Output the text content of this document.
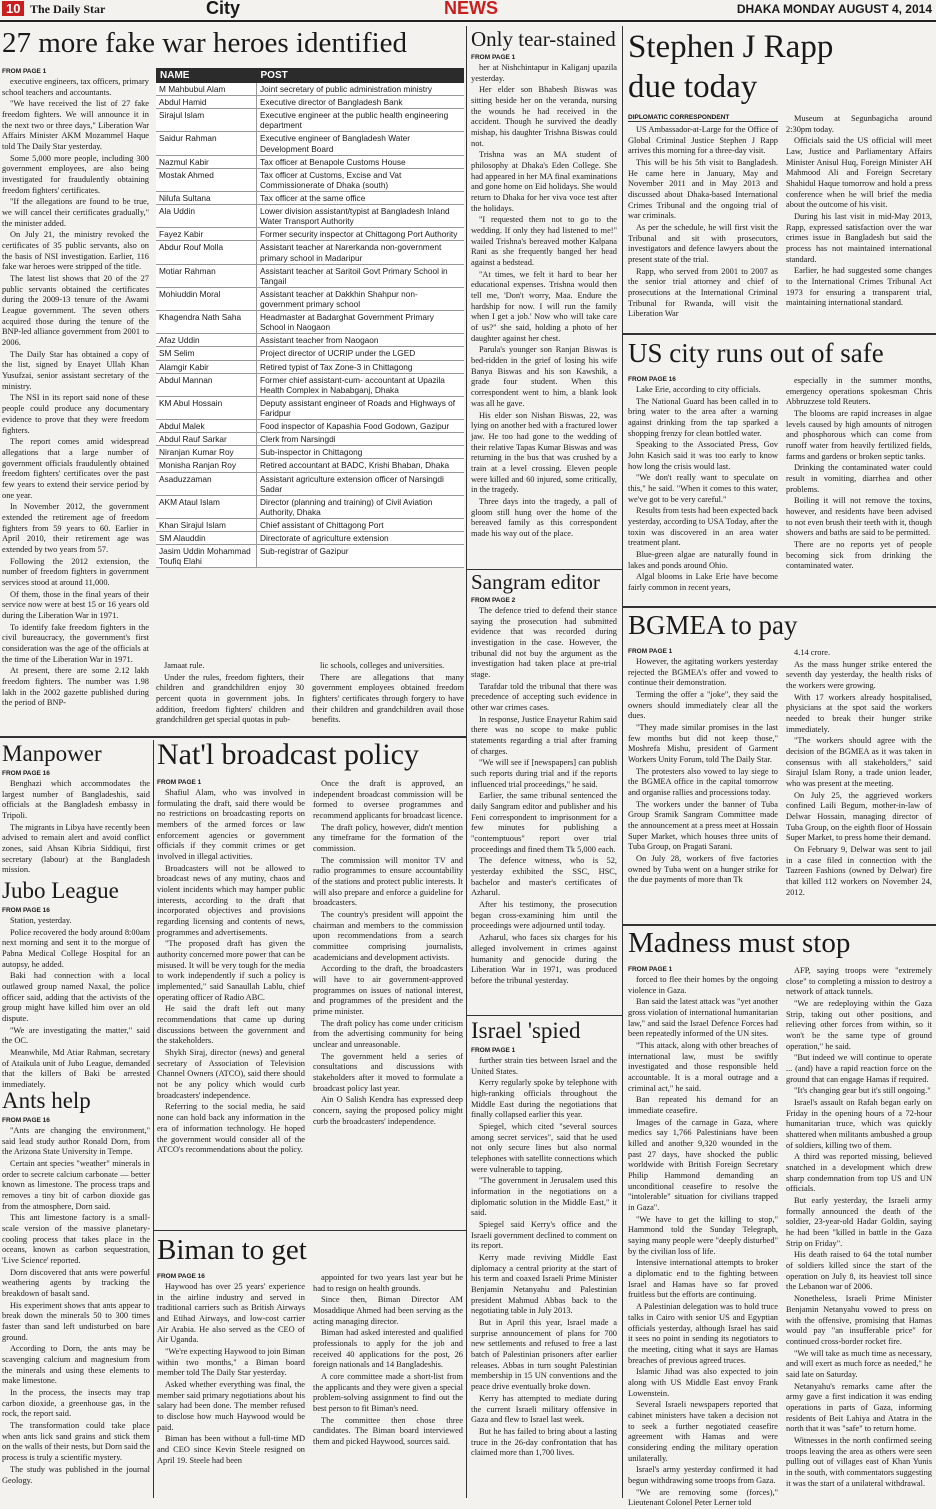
10 The Daily Star	City	NEWS	DHAKA MONDAY AUGUST 4, 2014
27 more fake war heroes identified
FROM PAGE 1

executive engineers, tax officers, primary school teachers and accountants.

"We have received the list of 27 fake freedom fighters. We will announce it in the next two or three days," Liberation War Affairs Minister AKM Mozammel Haque told The Daily Star yesterday.

Some 5,000 more people, including 300 government employees, are also being investigated for fraudulently obtaining freedom fighters' certificates.

"If the allegations are found to be true, we will cancel their certificates gradually," the minister added.

On July 21, the ministry revoked the certificates of 35 public servants, also on the basis of NSI investigation. Earlier, 116 fake war heroes were stripped of the title.

The latest list shows that 20 of the 27 public servants obtained the certificates during the 2009-13 tenure of the Awami League government. The seven others acquired those during the tenure of the BNP-led alliance government from 2001 to 2006.

The Daily Star has obtained a copy of the list, signed by Enayet Ullah Khan Yusufzai, senior assistant secretary of the ministry.

The NSI in its report said none of these people could produce any documentary evidence to prove that they were freedom fighters.

The report comes amid widespread allegations that a large number of government officials fraudulently obtained freedom fighters' certificates over the past few years to extend their service period by one year.

In November 2012, the government extended the retirement age of freedom fighters from 59 years to 60. Earlier in April 2010, their retirement age was extended by two years from 57.

Following the 2012 extension, the number of freedom fighters in government services stood at around 11,000.

Of them, those in the final years of their service now were at best 15 or 16 years old during the Liberation War in 1971.

To identify fake freedom fighters in the civil bureaucracy, the government's first consideration was the age of the officials at the time of the Liberation War in 1971.

At present, there are some 2.12 lakh freedom fighters. The number was 1.98 lakh in the 2002 gazette published during the period of BNP-

NAME	POST
M Mahbubul Alam	Joint secretary of public administration ministry
Abdul Hamid	Executive director of Bangladesh Bank
Sirajul Islam	Executive engineer at the public health engineering department
Saidur Rahman	Executive engineer of Bangladesh Water Development Board
Nazmul Kabir	Tax officer at Benapole Customs House
Mostak Ahmed	Tax officer at Customs, Excise and Vat Commissionerate of Dhaka (south)
Nilufa Sultana	Tax officer at the same office
Ala Uddin	Lower division assistant/typist at Bangladesh Inland Water Transport Authority
Fayez Kabir	Former security inspector at Chittagong Port Authority
Abdur Rouf Molla	Assistant teacher at Narerkanda non-government primary school in Madaripur
Motiar Rahman	Assistant teacher at Saritoil Govt Primary School in Tangail
Mohiuddin Moral	Assistant teacher at Dakkhin Shahpur non-government primary school
Khagendra Nath Saha	Headmaster at Badarghat Government Primary School in Naogaon
Afaz Uddin	Assistant teacher from Naogaon
SM Selim	Project director of UCRIP under the LGED
Alamgir Kabir	Retired typist of Tax Zone-3 in Chittagong
Abdul Mannan	Former chief assistant-cum- accountant at Upazila Health Complex in Nababganj, Dhaka
KM Abul Hossain	Deputy assistant engineer of Roads and Highways of Faridpur
Abdul Malek	Food inspector of Kapashia Food Godown, Gazipur
Abdul Rauf Sarkar	Clerk from Narsingdi
Niranjan Kumar Roy	Sub-inspector in Chittagong
Monisha Ranjan Roy	Retired accountant at BADC, Krishi Bhaban, Dhaka
Asaduzzaman	Assistant agriculture extension officer of Narsingdi Sadar
AKM Ataul Islam	Director (planning and training) of Civil Aviation Authority, Dhaka
Khan Sirajul Islam	Chief assistant of Chittagong Port
SM Alauddin	Directorate of agriculture extension
Jasim Uddin Mohammad Toufiq Elahi	Sub-registrar of Gazipur

Jamaat rule.

Under the rules, freedom fighters, their children and grandchildren enjoy 30 percent quota in government jobs. In addition, freedom fighters' children and grandchildren get special quotas in pub-

lic schools, colleges and universities.

There are allegations that many government employees obtained freedom fighters' certificates through forgery to have their children and grandchildren avail those benefits.

Only tear-stained
FROM PAGE 1

her at Nishchintapur in Kaliganj upazila yesterday.

Her elder son Bhabesh Biswas was sitting beside her on the veranda, nursing the wounds he had received in the accident. Though he survived the deadly mishap, his daughter Trishna Biswas could not.

Trishna was an MA student of philosophy at Dhaka's Eden College. She had appeared in her MA final examinations and gone home on Eid holidays. She would return to Dhaka for her viva voce test after the holidays.

"I requested them not to go to the wedding. If only they had listened to me!" wailed Trishna's bereaved mother Kalpana Rani as she frequently banged her head against a bedstead.

"At times, we felt it hard to bear her educational expenses. Trishna would then tell me, 'Don't worry, Maa. Endure the hardship for now. I will run the family when I get a job.' Now who will take care of us?" she said, holding a photo of her daughter against her chest.

Parula's younger son Ranjan Biswas is bed-ridden in the grief of losing his wife Banya Biswas and his son Kawshik, a grade four student. When this correspondent went to him, a blank look was all he gave.

His elder son Nishan Biswas, 22, was lying on another bed with a fractured lower jaw. He too had gone to the wedding of their relative Tapas Kumar Biswas and was returning in the bus that was crushed by a train at a level crossing. Eleven people were killed and 60 injured, some critically, in the tragedy.

Three days into the tragedy, a pall of gloom still hung over the home of the bereaved family as this correspondent made his way out of the place.

Sangram editor
FROM PAGE 2

The defence tried to defend their stance saying the prosecution had submitted evidence that was recorded during investigation in the case. However, the tribunal did not buy the argument as the investigation had taken place at pre-trial stage.

Tarafdar told the tribunal that there was precedence of accepting such evidence in other war crimes cases.

In response, Justice Enayetur Rahim said there was no scope to make public statements regarding a trial after framing of charges.

"We will see if [newspapers] can publish such reports during trial and if the reports influenced trial proceedings," he said.

Earlier, the same tribunal sentenced the daily Sangram editor and publisher and his Feni correspondent to imprisonment for a few minutes for publishing a "contemptuous" report over trial proceedings and fined them Tk 5,000 each.

The defence witness, who is 52, yesterday exhibited the SSC, HSC, bachelor and master's certificates of Azharul.

After his testimony, the prosecution began cross-examining him until the proceedings were adjourned until today.

Azharul, who faces six charges for his alleged involvement in crimes against humanity and genocide during the Liberation War in 1971, was produced before the tribunal yesterday.

Israel 'spied
FROM PAGE 1

further strain ties between Israel and the United States.

Kerry regularly spoke by telephone with high-ranking officials throughout the Middle East during the negotiations that finally collapsed earlier this year.

Spiegel, which cited "several sources among secret services", said that he used not only secure lines but also normal telephones with satellite connections which were vulnerable to tapping.

"The government in Jerusalem used this information in the negotiations on a diplomatic solution in the Middle East," it said.

Spiegel said Kerry's office and the Israeli government declined to comment on its report.

Kerry made reviving Middle East diplomacy a central priority at the start of his term and coaxed Israeli Prime Minister Benjamin Netanyahu and Palestinian president Mahmud Abbas back to the negotiating table in July 2013.

But in April this year, Israel made a surprise announcement of plans for 700 new settlements and refused to free a last batch of Palestinian prisoners after earlier releases. Abbas in turn sought Palestinian membership in 15 UN conventions and the peace drive eventually broke down.

Kerry has attempted to mediate during the current Israeli military offensive in Gaza and flew to Israel last week.

But he has failed to bring about a lasting truce in the 26-day confrontation that has claimed more than 1,700 lives.

Stephen J Rapp
due today
DIPLOMATIC CORRESPONDENT

US Ambassador-at-Large for the Office of Global Criminal Justice Stephen J Rapp arrives this morning for a three-day visit.

This will be his 5th visit to Bangladesh. He came here in January, May and November 2011 and in May 2013 and discussed about Dhaka-based International Crimes Tribunal and the ongoing trial of war criminals.

As per the schedule, he will first visit the Tribunal and sit with prosecutors, investigators and defence lawyers about the present state of the trial.

Rapp, who served from 2001 to 2007 as the senior trial attorney and chief of prosecutions at the International Criminal Tribunal for Rwanda, will visit the Liberation War

Museum at Segunbagicha around 2:30pm today.

Officials said the US official will meet Law, Justice and Parliamentary Affairs Minister Anisul Huq, Foreign Minister AH Mahmood Ali and Foreign Secretary Shahidul Haque tomorrow and hold a press conference when he will brief the media about the outcome of his visit.

During his last visit in mid-May 2013, Rapp, expressed satisfaction over the war crimes issue in Bangladesh but said the process has not maintained international standard.

Earlier, he had suggested some changes to the International Crimes Tribunal Act 1973 for ensuring a transparent trial, maintaining international standard.

US city runs out of safe
FROM PAGE 16

Lake Erie, according to city officials.

The National Guard has been called in to bring water to the area after a warning against drinking from the tap sparked a shopping frenzy for clean bottled water.

Speaking to the Associated Press, Gov John Kasich said it was too early to know how long the crisis would last.

"We don't really want to speculate on this," he said. "When it comes to this water, we've got to be very careful."

Results from tests had been expected back yesterday, according to USA Today, after the toxin was discovered in an area water treatment plant.

Blue-green algae are naturally found in lakes and ponds around Ohio.

Algal blooms in Lake Erie have become fairly common in recent years,

especially in the summer months, emergency operations spokesman Chris Abbruzzese told Reuters.

The blooms are rapid increases in algae levels caused by high amounts of nitrogen and phosphorous which can come from runoff water from heavily fertilized fields, farms and gardens or broken septic tanks.

Drinking the contaminated water could result in vomiting, diarrhea and other problems.

Boiling it will not remove the toxins, however, and residents have been advised to not even brush their teeth with it, though showers and baths are said to be permitted.

There are no reports yet of people becoming sick from drinking the contaminated water.

BGMEA to pay
FROM PAGE 1

However, the agitating workers yesterday rejected the BGMEA's offer and vowed to continue their demonstration.

Terming the offer a "joke", they said the owners should immediately clear all the dues.

"They made similar promises in the last few months but did not keep those," Moshrefa Mishu, president of Garment Workers Unity Forum, told The Daily Star.

The protesters also vowed to lay siege to the BGMEA office in the capital tomorrow and organise rallies and processions today.

The workers under the banner of Tuba Group Sramik Sangram Committee made the announcement at a press meet at Hossain Super Market, which houses three units of Tuba Group, on Pragati Sarani.

On July 28, workers of five factories owned by Tuba went on a hunger strike for the due payments of more than Tk

4.14 crore.

As the mass hunger strike entered the seventh day yesterday, the health risks of the workers were growing.

With 17 workers already hospitalised, physicians at the spot said the workers needed to break their hunger strike immediately.

"The workers should agree with the decision of the BGMEA as it was taken in consensus with all stakeholders," said Sirajul Islam Rony, a trade union leader, who was present at the meeting.

On July 25, the aggrieved workers confined Laili Begum, mother-in-law of Delwar Hossain, managing director of Tuba Group, on the eighth floor of Hossain Super Market, to press home their demand.

On February 9, Delwar was sent to jail in a case filed in connection with the Tazreen Fashions (owned by Delwar) fire that killed 112 workers on November 24, 2012.

Madness must stop
FROM PAGE 1

forced to flee their homes by the ongoing violence in Gaza.

Ban said the latest attack was "yet another gross violation of international humanitarian law," and said the Israel Defence Forces had been repeatedly informed of the UN sites.

"This attack, along with other breaches of international law, must be swiftly investigated and those responsible held accountable. It is a moral outrage and a criminal act," he said.

Ban repeated his demand for an immediate ceasefire.

Images of the carnage in Gaza, where medics say 1,766 Palestinians have been killed and another 9,320 wounded in the past 27 days, have shocked the public worldwide with British Foreign Secretary Philip Hammond demanding an unconditional ceasefire to resolve the "intolerable" situation for civilians trapped in Gaza".

"We have to get the killing to stop," Hammond told the Sunday Telegraph, saying many people were "deeply disturbed" by the civilian loss of life.

Intensive international attempts to broker a diplomatic end to the fighting between Israel and Hamas have so far proved fruitless but the efforts are continuing.

A Palestinian delegation was to hold truce talks in Cairo with senior US and Egyptian officials yesterday, although Israel has said it sees no point in sending its negotiators to the meeting, citing what it says are Hamas breaches of previous agreed truces.

Islamic Jihad was also expected to join along with US Middle East envoy Frank Lowenstein.

Several Israeli newspapers reported that cabinet ministers have taken a decision not to seek a further negotiated ceasefire agreement with Hamas and were considering ending the military operation unilaterally.

Israel's army yesterday confirmed it had begun withdrawing some troops from Gaza.

"We are removing some (forces)," Lieutenant Colonel Peter Lerner told

AFP, saying troops were "extremely close" to completing a mission to destroy a network of attack tunnels.

"We are redeploying within the Gaza Strip, taking out other positions, and relieving other forces from within, so it won't be the same type of ground operation," he said.

"But indeed we will continue to operate ... (and) have a rapid reaction force on the ground that can engage Hamas if required.

"It's changing gear but it's still ongoing."

Israel's assault on Rafah began early on Friday in the opening hours of a 72-hour humanitarian truce, which was quickly shattered when militants ambushed a group of soldiers, killing two of them.

A third was reported missing, believed snatched in a development which drew sharp condemnation from top US and UN officials.

But early yesterday, the Israeli army formally announced the death of the soldier, 23-year-old Hadar Goldin, saying he had been "killed in battle in the Gaza Strip on Friday".

His death raised to 64 the total number of soldiers killed since the start of the operation on July 8, its heaviest toll since the Lebanon war of 2006.

Nonetheless, Israeli Prime Minister Benjamin Netanyahu vowed to press on with the offensive, promising that Hamas would pay "an insufferable price" for continued cross-border rocket fire.

"We will take as much time as necessary, and will exert as much force as needed," he said late on Saturday.

Netanyahu's remarks came after the army gave a first indication it was ending operations in parts of Gaza, informing residents of Beit Lahiya and Atatra in the north that it was "safe" to return home.

Witnesses in the north confirmed seeing troops leaving the area as others were seen pulling out of villages east of Khan Yunis in the south, with commentators suggesting it was the start of a unilateral withdrawal.

Manpower
FROM PAGE 16

Benghazi which accommodates the largest number of Bangladeshis, said officials at the Bangladesh embassy in Tripoli.

The migrants in Libya have recently been advised to remain alert and avoid conflict zones, said Ahsan Kibria Siddiqui, first secretary (labour) at the Bangladesh mission.

Jubo League
FROM PAGE 16

Station, yesterday.

Police recovered the body around 8:00am next morning and sent it to the morgue of Pabna Medical College Hospital for an autopsy, he added.

Baki had connection with a local outlawed group named Naxal, the police officer said, adding that the activists of the group might have killed him over an old dispute.

"We are investigating the matter," said the OC.

Meanwhile, Md Atiar Rahman, secretary of Ataikula unit of Jubo League, demanded that the killers of Baki be arrested immediately.

Ants help
FROM PAGE 16

"Ants are changing the environment," said lead study author Ronald Dorn, from the Arizona State University in Tempe.

Certain ant species "weather" minerals in order to secrete calcium carbonate — better known as limestone. The process traps and removes a tiny bit of carbon dioxide gas from the atmosphere, Dorn said.

This ant limestone factory is a small-scale version of the massive planetary-cooling process that takes place in the oceans, known as carbon sequestration, 'Live Science' reported.

Dorn discovered that ants were powerful weathering agents by tracking the breakdown of basalt sand.

His experiment shows that ants appear to break down the minerals 50 to 300 times faster than sand left undisturbed on bare ground.

According to Dorn, the ants may be scavenging calcium and magnesium from the minerals and using these elements to make limestone.

In the process, the insects may trap carbon dioxide, a greenhouse gas, in the rock, the report said.

The transformation could take place when ants lick sand grains and stick them on the walls of their nests, but Dorn said the process is truly a scientific mystery.

The study was published in the journal Geology.

Nat'l broadcast policy
FROM PAGE 1

Shafiul Alam, who was involved in formulating the draft, said there would be no restrictions on broadcasting reports on members of the armed forces or law enforcement agencies or government officials if they commit crimes or get involved in illegal activities.

Broadcasters will not be allowed to broadcast news of any mutiny, chaos and violent incidents which may hamper public interests, according to the draft that incorporated objectives and provisions regarding licensing and contents of news, programmes and advertisements.

"The proposed draft has given the authority concerned more power that can be misused. It will be very tough for the media to work independently if such a policy is implemented," said Sanaullah Lablu, chief operating officer of Radio ABC.

He said the draft left out many recommendations that came up during discussions between the government and the stakeholders.

Shykh Siraj, director (news) and general secretary of Association of Television Channel Owners (ATCO), said there should not be any policy which would curb broadcasters' independence.

Referring to the social media, he said none can hold back any information in the era of information technology. He hoped the government would consider all of the ATCO's recommendations about the policy.

Once the draft is approved, an independent broadcast commission will be formed to oversee programmes and recommend applicants for broadcast licence.

The draft policy, however, didn't mention any timeframe for the formation of the commission.

The commission will monitor TV and radio programmes to ensure accountability of the stations and protect public interests. It will also prepare and enforce a guideline for broadcasters.

The country's president will appoint the chairman and members to the commission upon recommendations from a search committee comprising journalists, academicians and development activists.

According to the draft, the broadcasters will have to air government-approved programmes on issues of national interest, and programmes of the president and the prime minister.

The draft policy has come under criticism from the advertising community for being unclear and unreasonable.

The government held a series of consultations and discussions with stakeholders after it moved to formulate a broadcast policy last year.

Ain O Salish Kendra has expressed deep concern, saying the proposed policy might curb the broadcasters' independence.

Biman to get
FROM PAGE 16

Haywood has over 25 years' experience in the airline industry and served in traditional carriers such as British Airways and Etihad Airways, and low-cost carrier Air Arabia. He also served as the CEO of Air Uganda.

"We're expecting Haywood to join Biman within two months," a Biman board member told The Daily Star yesterday.

Asked whether everything was final, the member said primary negotiations about his salary had been done. The member refused to disclose how much Haywood would be paid.

Biman has been without a full-time MD and CEO since Kevin Steele resigned on April 19. Steele had been

appointed for two years last year but he had to resign on health grounds.

Since then, Biman Director AM Mosaddique Ahmed had been serving as the acting managing director.

Biman had asked interested and qualified professionals to apply for the job and received 40 applications for the post, 26 foreign nationals and 14 Bangladeshis.

A core committee made a short-list from the applicants and they were given a special problem-solving assignment to find out the best person to fit Biman's need.

The committee then chose three candidates. The Biman board interviewed them and picked Haywood, sources said.
